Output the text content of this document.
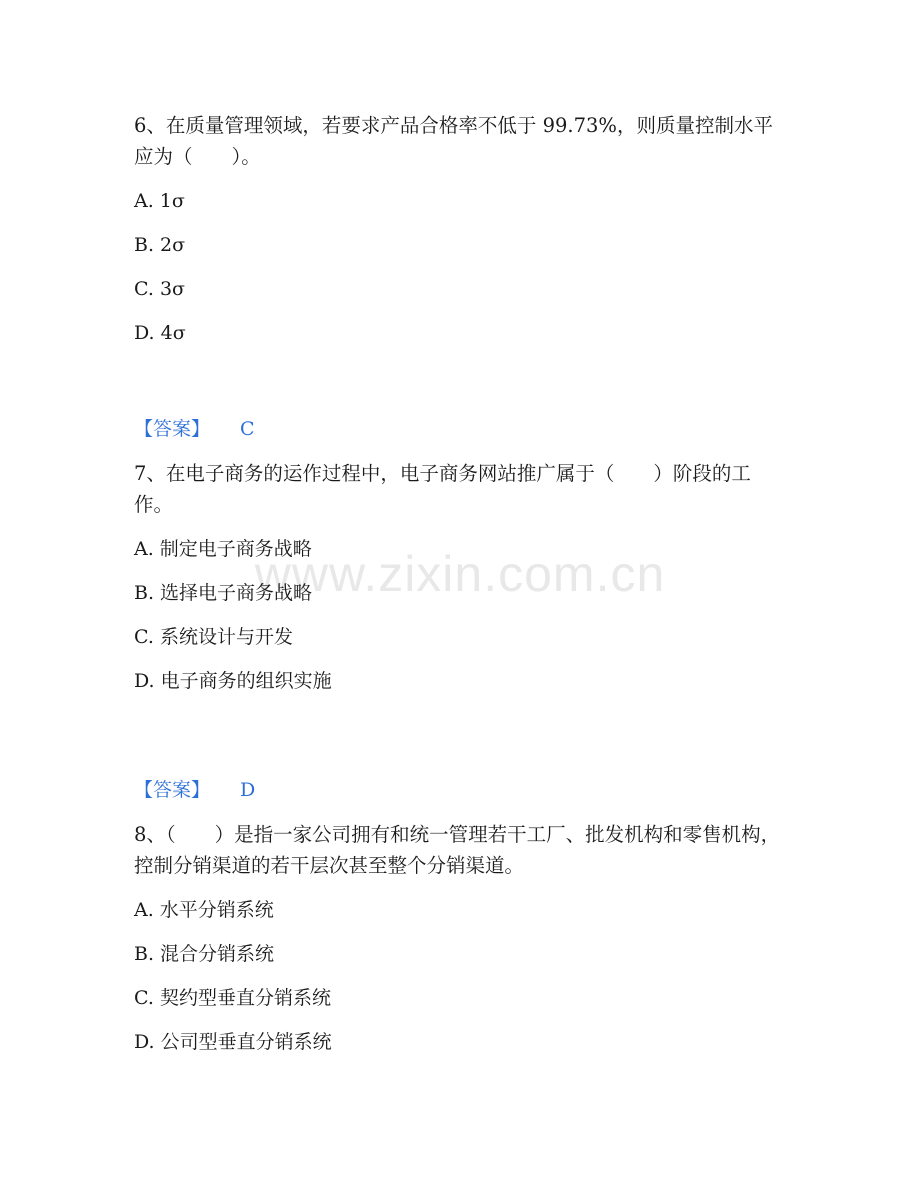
www.zixin.com.cn

6、在质量管理领域，若要求产品合格率不低于 99.73%，则质量控制水平应为（　　）。

A. 1σ
B. 2σ
C. 3σ
D. 4σ
【答案】 C

7、在电子商务的运作过程中，电子商务网站推广属于（　　）阶段的工作。

A. 制定电子商务战略
B. 选择电子商务战略
C. 系统设计与开发
D. 电子商务的组织实施
【答案】 D

8、（　　）是指一家公司拥有和统一管理若干工厂、批发机构和零售机构，控制分销渠道的若干层次甚至整个分销渠道。

A. 水平分销系统
B. 混合分销系统
C. 契约型垂直分销系统
D. 公司型垂直分销系统
